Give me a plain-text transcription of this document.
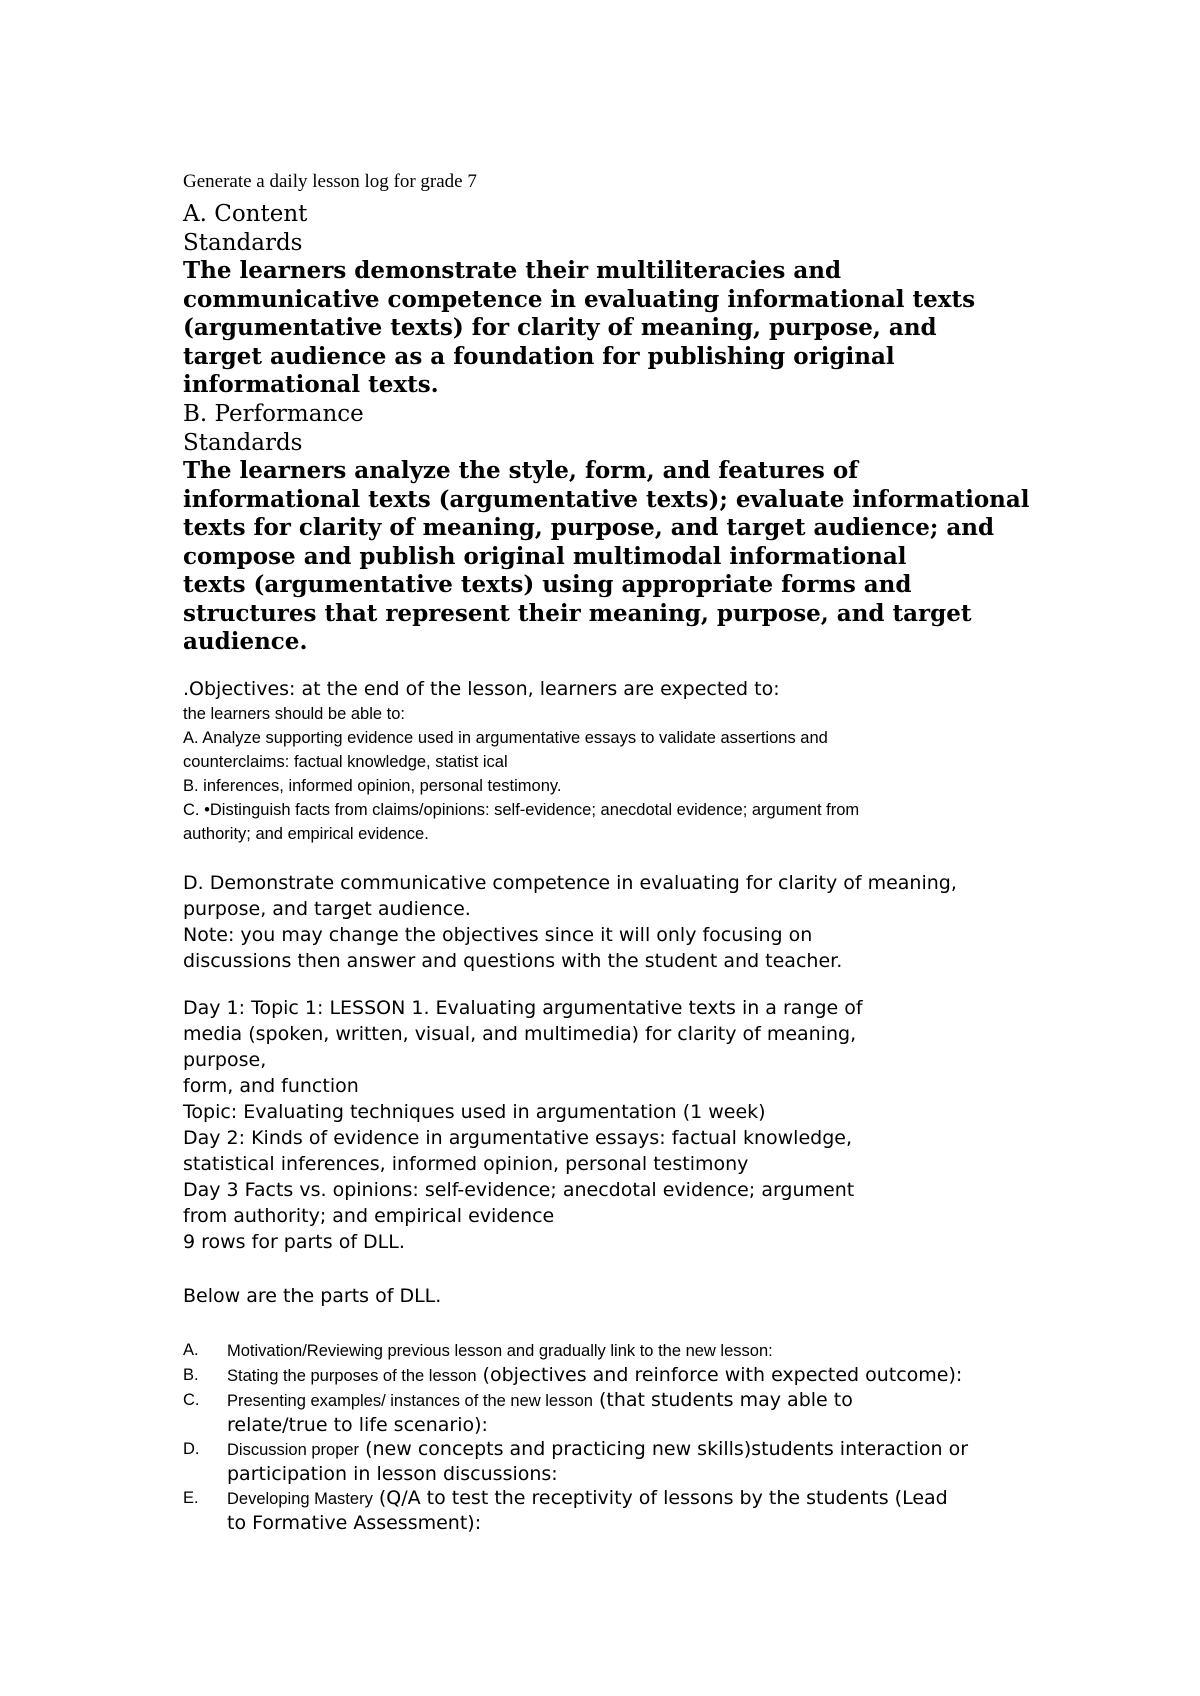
Generate a daily lesson log for grade 7

A. Content
Standards
The learners demonstrate their multiliteracies and
communicative competence in evaluating informational texts
(argumentative texts) for clarity of meaning, purpose, and
target audience as a foundation for publishing original
informational texts.
B. Performance
Standards
The learners analyze the style, form, and features of
informational texts (argumentative texts); evaluate informational
texts for clarity of meaning, purpose, and target audience; and
compose and publish original multimodal informational
texts (argumentative texts) using appropriate forms and
structures that represent their meaning, purpose, and target
audience.
.Objectives: at the end of the lesson, learners are expected to:
the learners should be able to:
A. Analyze supporting evidence used in argumentative essays to validate assertions and
counterclaims: factual knowledge, statist ical
B. inferences, informed opinion, personal testimony.
C. •Distinguish facts from claims/opinions: self-evidence; anecdotal evidence; argument from
authority; and empirical evidence.
D. Demonstrate communicative competence in evaluating for clarity of meaning,
purpose, and target audience.
Note: you may change the objectives since it will only focusing on
discussions then answer and questions with the student and teacher.
Day 1: Topic 1: LESSON 1. Evaluating argumentative texts in a range of
media (spoken, written, visual, and multimedia) for clarity of meaning,
purpose,
form, and function
Topic: Evaluating techniques used in argumentation (1 week)
Day 2: Kinds of evidence in argumentative essays: factual knowledge,
statistical inferences, informed opinion, personal testimony
Day 3 Facts vs. opinions: self-evidence; anecdotal evidence; argument
from authority; and empirical evidence
9 rows for parts of DLL.
Below are the parts of DLL.
A. Motivation/Reviewing previous lesson and gradually link to the new lesson:
B. Stating the purposes of the lesson (objectives and reinforce with expected outcome):
C. Presenting examples/ instances of the new lesson (that students may able to
relate/true to life scenario):
D. Discussion proper (new concepts and practicing new skills)students interaction or
participation in lesson discussions:
E. Developing Mastery (Q/A to test the receptivity of lessons by the students (Lead
to Formative Assessment):
